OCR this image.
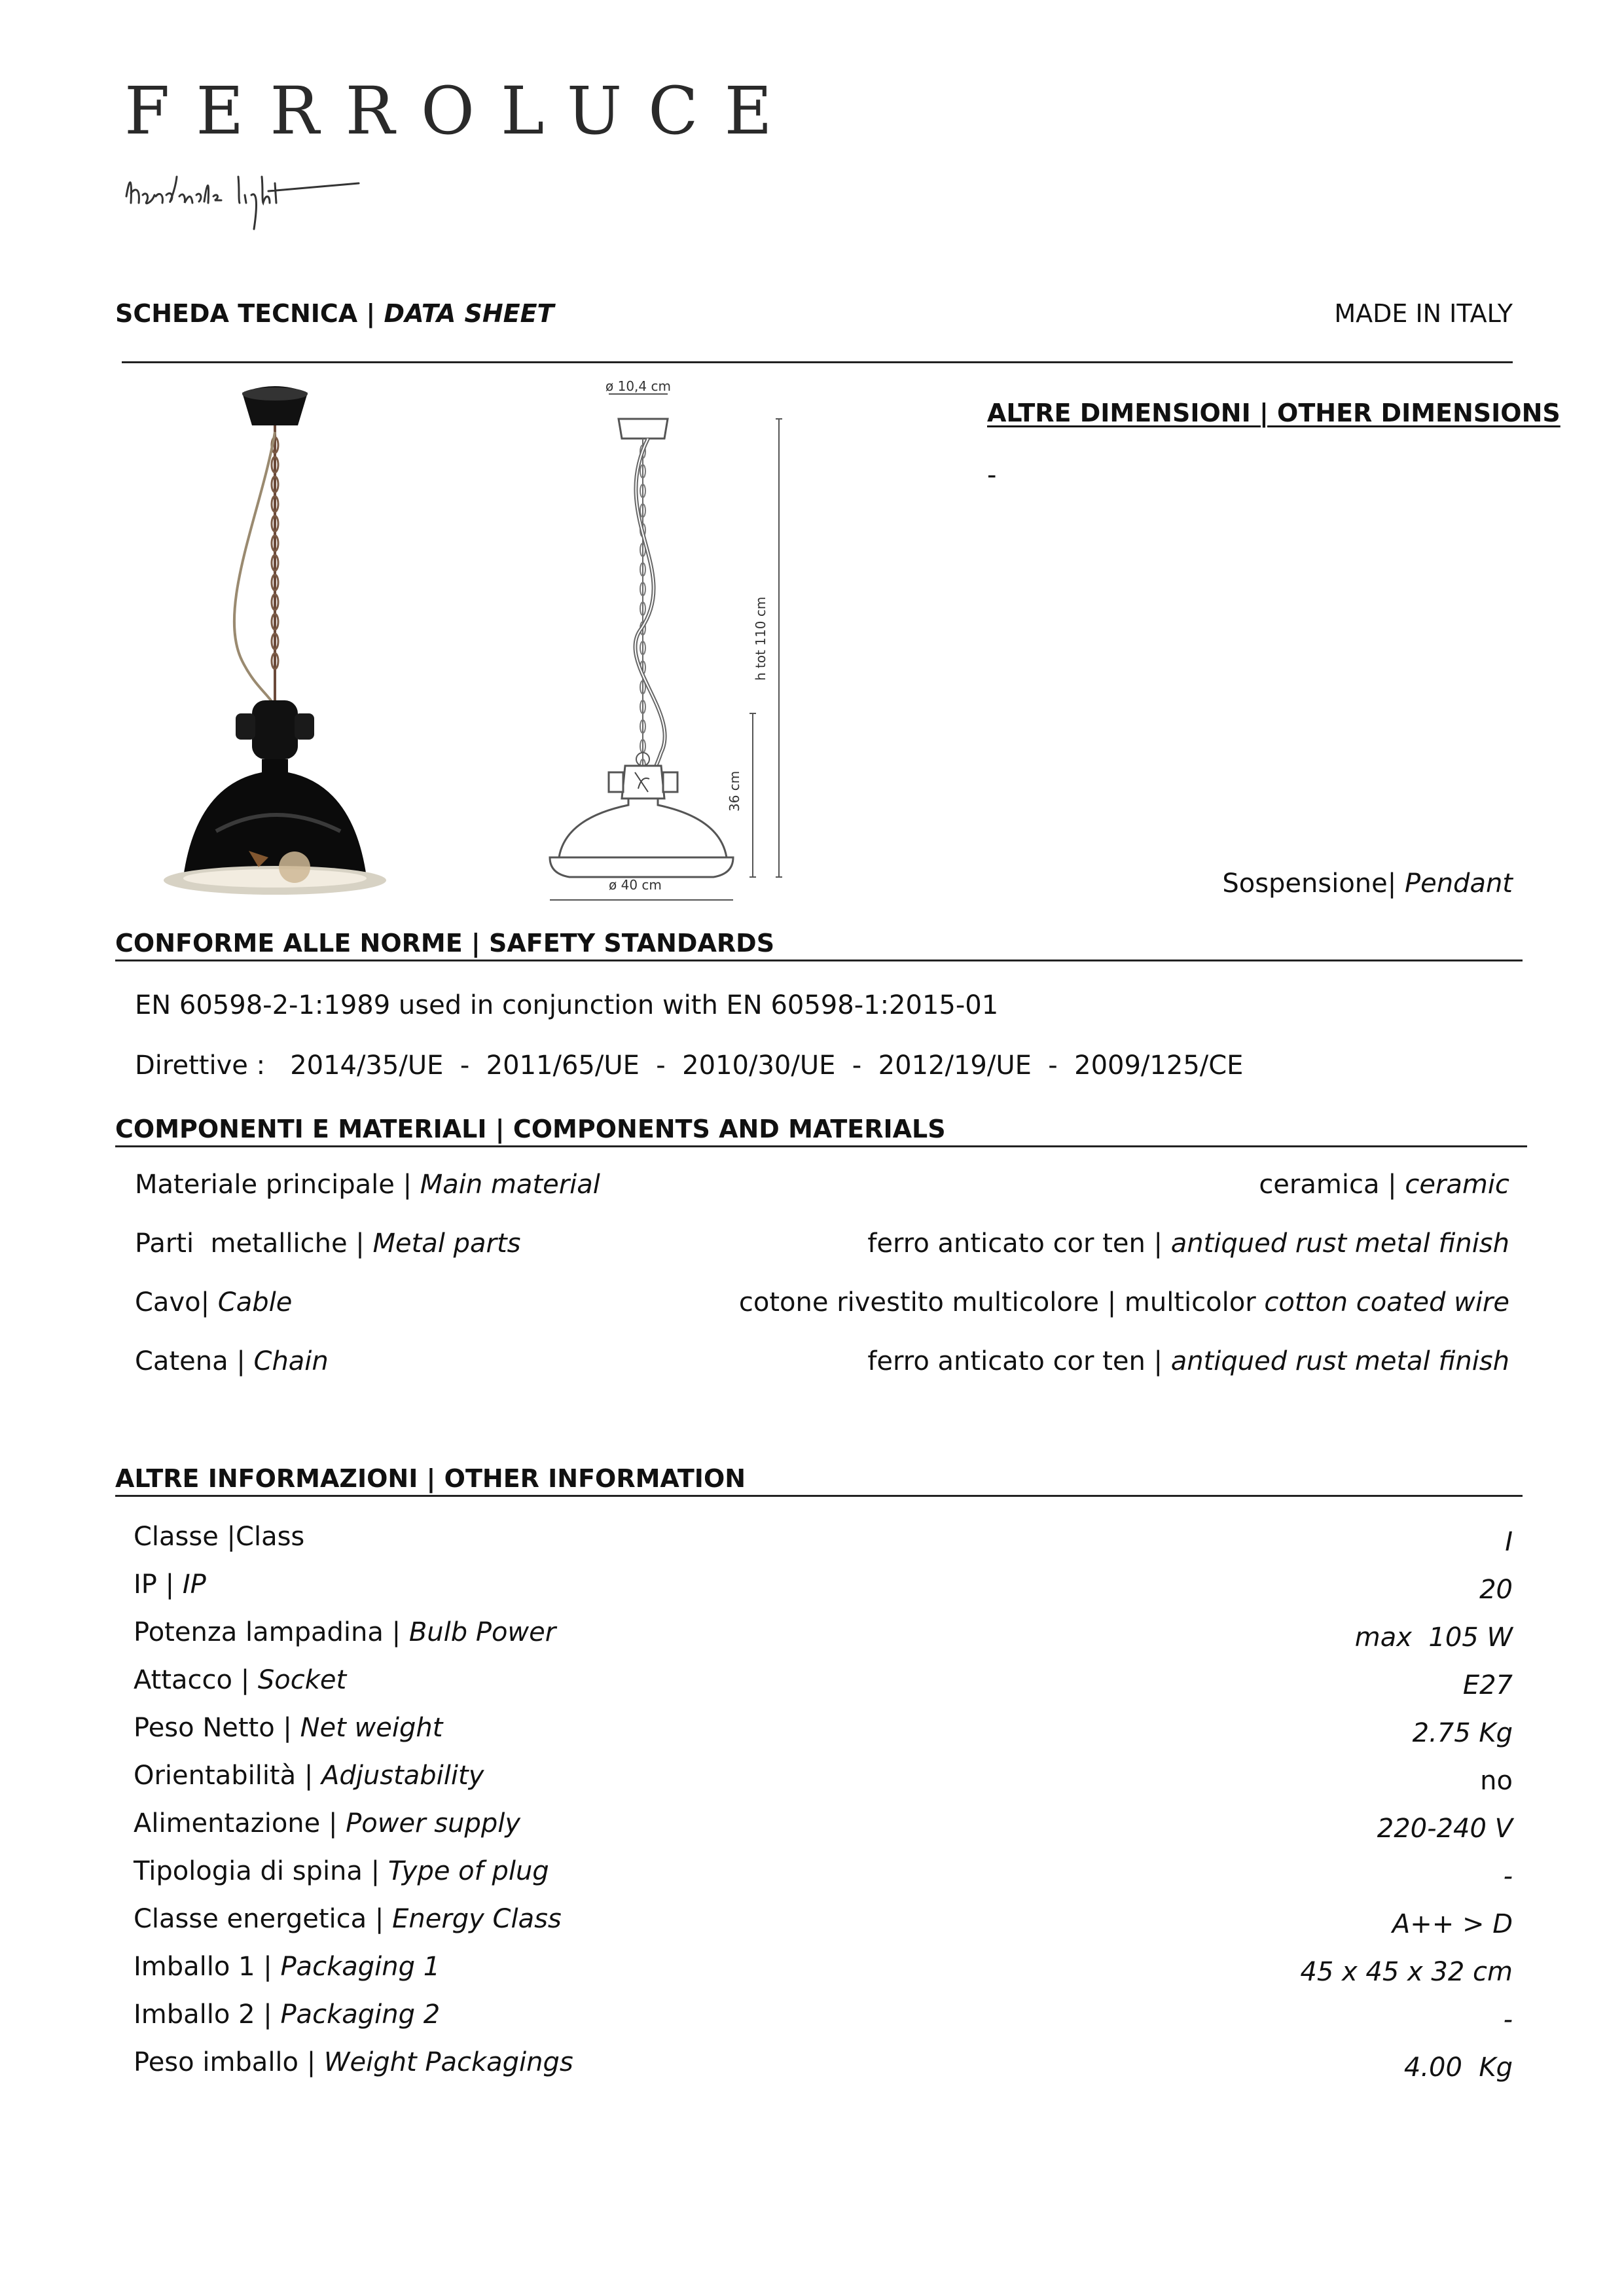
FERROLUCE
SCHEDA TECNICA | DATA SHEET	MADE IN ITALY
ø 10,4 cm
ø 40 cm
h tot 110 cm
36 cm
ALTRE DIMENSIONI | OTHER DIMENSIONS
-
Sospensione| Pendant
CONFORME ALLE NORME | SAFETY STANDARDS
EN 60598-2-1:1989 used in conjunction with EN 60598-1:2015-01
Direttive :   2014/35/UE  -  2011/65/UE  -  2010/30/UE  -  2012/19/UE  -  2009/125/CE
COMPONENTI E MATERIALI | COMPONENTS AND MATERIALS
Materiale principale | Main material	ceramica | ceramic
Parti  metalliche | Metal parts	ferro anticato cor ten | antiqued rust metal finish
Cavo| Cable	cotone rivestito multicolore | multicolor cotton coated wire
Catena | Chain	ferro anticato cor ten | antiqued rust metal finish
ALTRE INFORMAZIONI | OTHER INFORMATION
Classe |Class	I
IP | IP	20
Potenza lampadina | Bulb Power	max  105 W
Attacco | Socket	E27
Peso Netto | Net weight	2.75 Kg
Orientabilità | Adjustability	no
Alimentazione | Power supply	220-240 V
Tipologia di spina | Type of plug	-
Classe energetica | Energy Class	A++ > D
Imballo 1 | Packaging 1	45 x 45 x 32 cm
Imballo 2 | Packaging 2	-
Peso imballo | Weight Packagings	4.00  Kg
